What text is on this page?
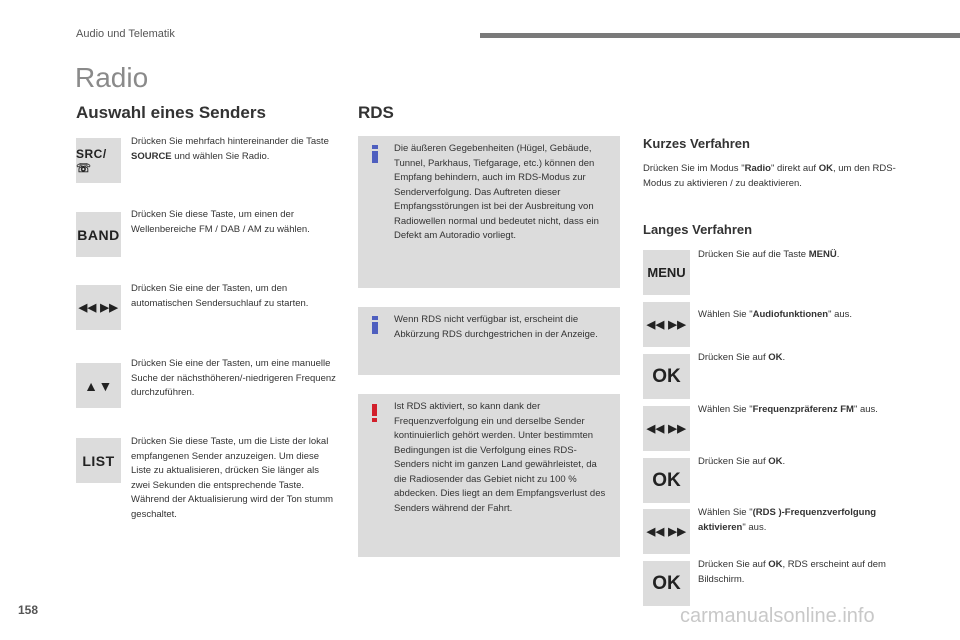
Audio und Telematik
Radio
Auswahl eines Senders	RDS
SRC/☏
Drücken Sie mehrfach hintereinander die Taste SOURCE und wählen Sie Radio.
BAND
Drücken Sie diese Taste, um einen der Wellenbereiche FM / DAB / AM zu wählen.
◀◀ ▶▶
Drücken Sie eine der Tasten, um den automatischen Sendersuchlauf zu starten.
▲▼
Drücken Sie eine der Tasten, um eine manuelle Suche der nächsthöheren/-niedrigeren Frequenz durchzuführen.
LIST
Drücken Sie diese Taste, um die Liste der lokal empfangenen Sender anzuzeigen. Um diese Liste zu aktualisieren, drücken Sie länger als zwei Sekunden die entsprechende Taste. Während der Aktualisierung wird der Ton stumm geschaltet.
Die äußeren Gegebenheiten (Hügel, Gebäude, Tunnel, Parkhaus, Tiefgarage, etc.) können den Empfang behindern, auch im RDS-Modus zur Senderverfolgung. Das Auftreten dieser Empfangsstörungen ist bei der Ausbreitung von Radiowellen normal und bedeutet nicht, dass ein Defekt am Autoradio vorliegt.
Wenn RDS nicht verfügbar ist, erscheint die Abkürzung RDS durchgestrichen in der Anzeige.
Ist RDS aktiviert, so kann dank der Frequenzverfolgung ein und derselbe Sender kontinuierlich gehört werden. Unter bestimmten Bedingungen ist die Verfolgung eines RDS-Senders nicht im ganzen Land gewährleistet, da die Radiosender das Gebiet nicht zu 100 % abdecken. Dies liegt an dem Empfangsverlust des Senders während der Fahrt.
Kurzes Verfahren
Drücken Sie im Modus "Radio" direkt auf OK, um den RDS-Modus zu aktivieren / zu deaktivieren.
Langes Verfahren
MENU
Drücken Sie auf die Taste MENÜ.
◀◀ ▶▶
Wählen Sie "Audiofunktionen" aus.
OK
Drücken Sie auf OK.
◀◀ ▶▶
Wählen Sie "Frequenzpräferenz FM" aus.
OK
Drücken Sie auf OK.
◀◀ ▶▶
Wählen Sie "(RDS )-Frequenzverfolgung aktivieren" aus.
OK
Drücken Sie auf OK, RDS erscheint auf dem Bildschirm.
158	carmanualsonline.info
